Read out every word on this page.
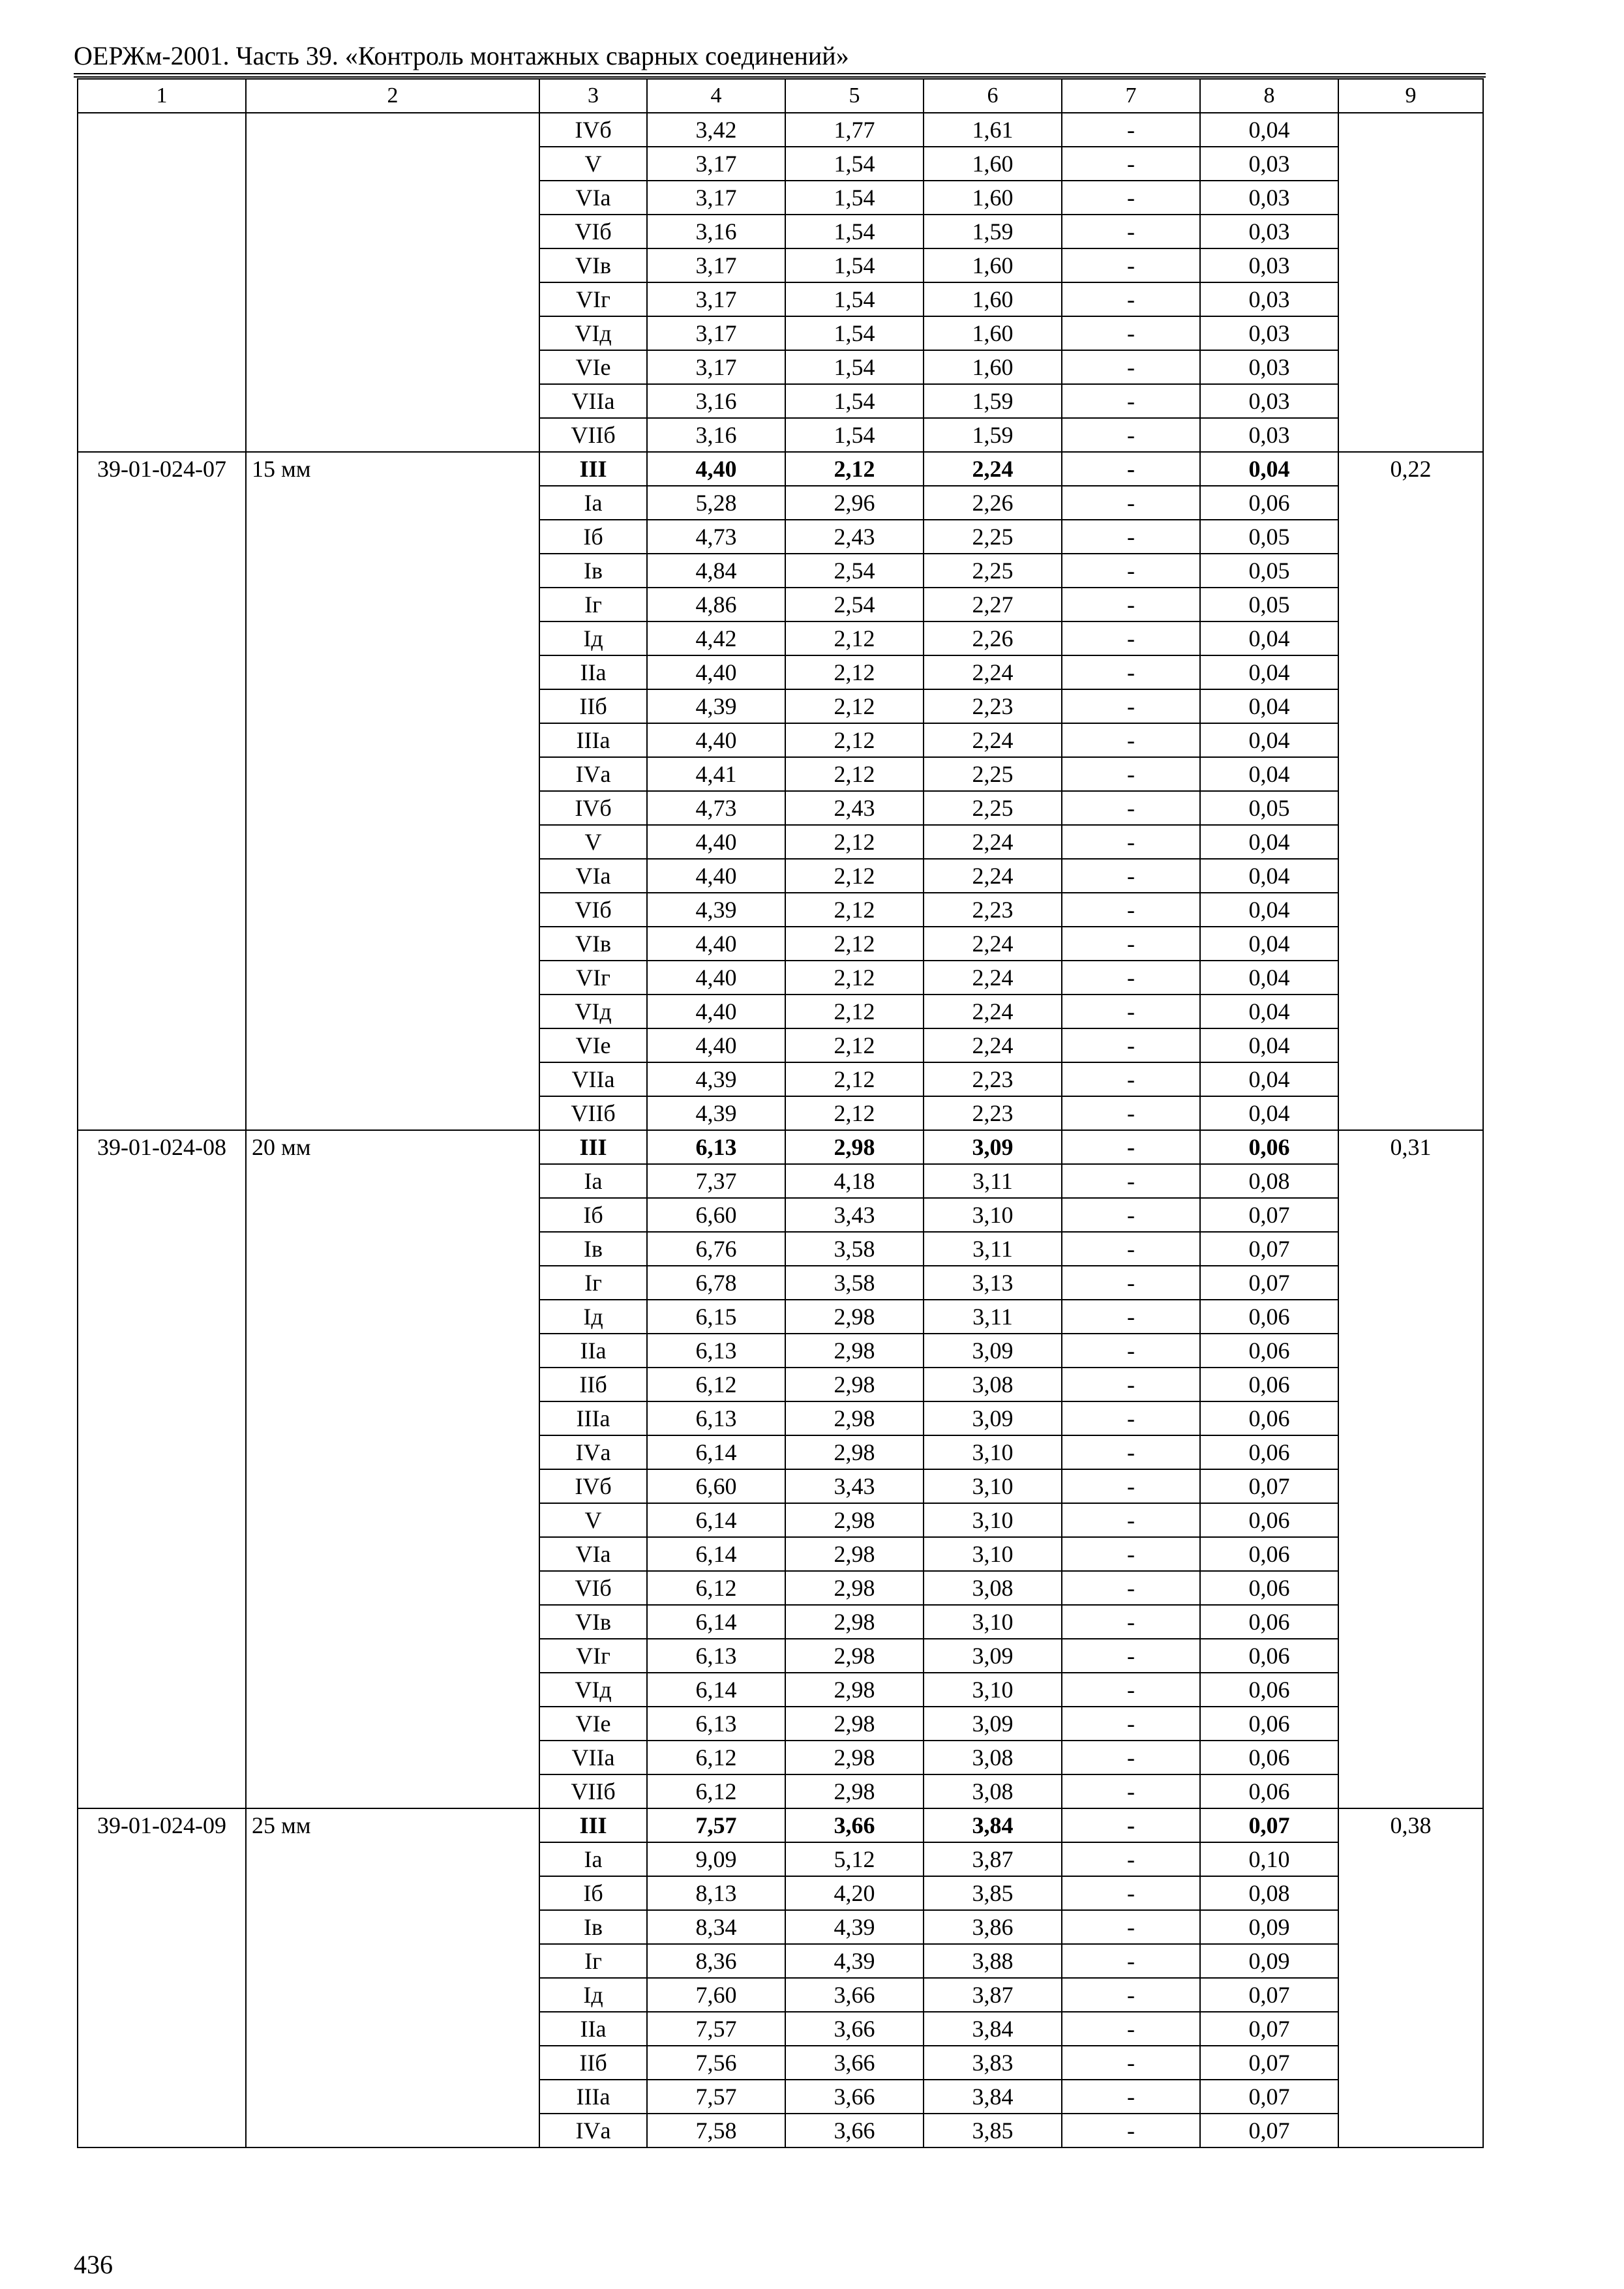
ОЕРЖм-2001. Часть 39. «Контроль монтажных сварных соединений»
1	2	3	4	5	6	7	8	9
		IVб	3,42	1,77	1,61	-	0,04	
		V	3,17	1,54	1,60	-	0,03	
		VIа	3,17	1,54	1,60	-	0,03	
		VIб	3,16	1,54	1,59	-	0,03	
		VIв	3,17	1,54	1,60	-	0,03	
		VIг	3,17	1,54	1,60	-	0,03	
		VIд	3,17	1,54	1,60	-	0,03	
		VIе	3,17	1,54	1,60	-	0,03	
		VIIа	3,16	1,54	1,59	-	0,03	
		VIIб	3,16	1,54	1,59	-	0,03	
39-01-024-07	15 мм	III	4,40	2,12	2,24	-	0,04	0,22
		Iа	5,28	2,96	2,26	-	0,06	
		Iб	4,73	2,43	2,25	-	0,05	
		Iв	4,84	2,54	2,25	-	0,05	
		Iг	4,86	2,54	2,27	-	0,05	
		Iд	4,42	2,12	2,26	-	0,04	
		IIа	4,40	2,12	2,24	-	0,04	
		IIб	4,39	2,12	2,23	-	0,04	
		IIIа	4,40	2,12	2,24	-	0,04	
		IVа	4,41	2,12	2,25	-	0,04	
		IVб	4,73	2,43	2,25	-	0,05	
		V	4,40	2,12	2,24	-	0,04	
		VIа	4,40	2,12	2,24	-	0,04	
		VIб	4,39	2,12	2,23	-	0,04	
		VIв	4,40	2,12	2,24	-	0,04	
		VIг	4,40	2,12	2,24	-	0,04	
		VIд	4,40	2,12	2,24	-	0,04	
		VIе	4,40	2,12	2,24	-	0,04	
		VIIа	4,39	2,12	2,23	-	0,04	
		VIIб	4,39	2,12	2,23	-	0,04	
39-01-024-08	20 мм	III	6,13	2,98	3,09	-	0,06	0,31
		Iа	7,37	4,18	3,11	-	0,08	
		Iб	6,60	3,43	3,10	-	0,07	
		Iв	6,76	3,58	3,11	-	0,07	
		Iг	6,78	3,58	3,13	-	0,07	
		Iд	6,15	2,98	3,11	-	0,06	
		IIа	6,13	2,98	3,09	-	0,06	
		IIб	6,12	2,98	3,08	-	0,06	
		IIIа	6,13	2,98	3,09	-	0,06	
		IVа	6,14	2,98	3,10	-	0,06	
		IVб	6,60	3,43	3,10	-	0,07	
		V	6,14	2,98	3,10	-	0,06	
		VIа	6,14	2,98	3,10	-	0,06	
		VIб	6,12	2,98	3,08	-	0,06	
		VIв	6,14	2,98	3,10	-	0,06	
		VIг	6,13	2,98	3,09	-	0,06	
		VIд	6,14	2,98	3,10	-	0,06	
		VIе	6,13	2,98	3,09	-	0,06	
		VIIа	6,12	2,98	3,08	-	0,06	
		VIIб	6,12	2,98	3,08	-	0,06	
39-01-024-09	25 мм	III	7,57	3,66	3,84	-	0,07	0,38
		Iа	9,09	5,12	3,87	-	0,10	
		Iб	8,13	4,20	3,85	-	0,08	
		Iв	8,34	4,39	3,86	-	0,09	
		Iг	8,36	4,39	3,88	-	0,09	
		Iд	7,60	3,66	3,87	-	0,07	
		IIа	7,57	3,66	3,84	-	0,07	
		IIб	7,56	3,66	3,83	-	0,07	
		IIIа	7,57	3,66	3,84	-	0,07	
		IVа	7,58	3,66	3,85	-	0,07	
436
